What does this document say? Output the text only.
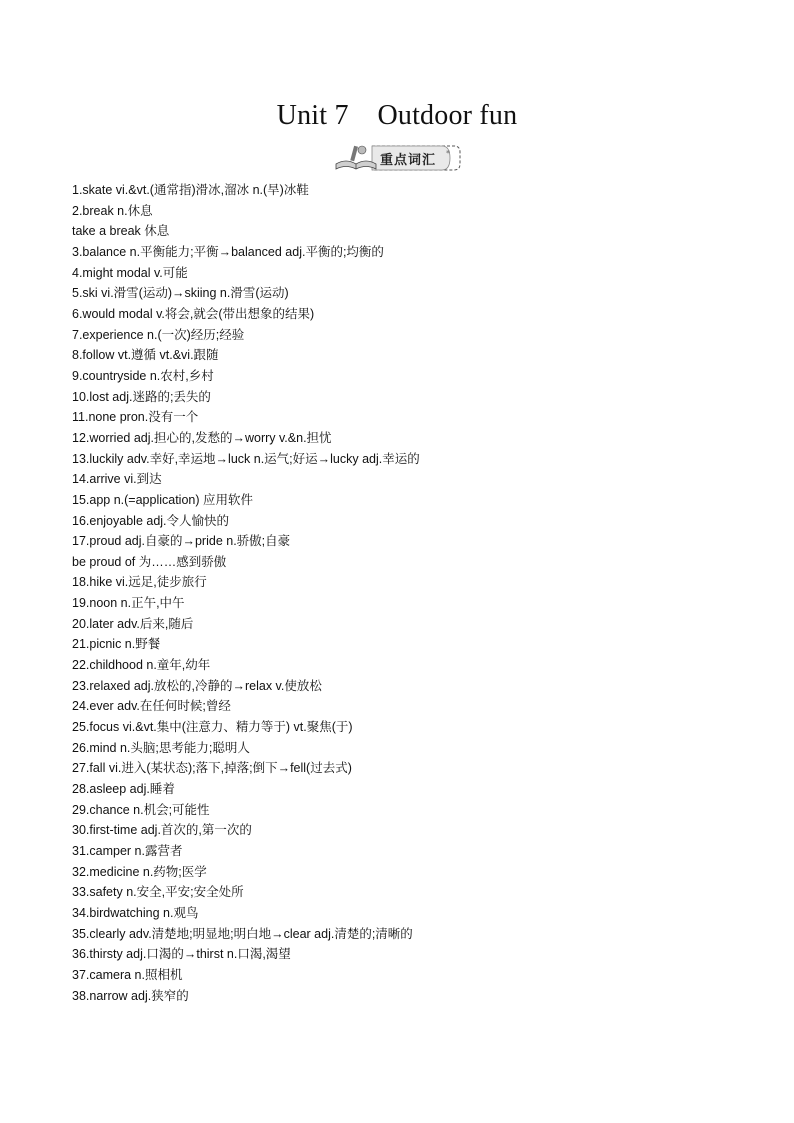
Unit 7    Outdoor fun
*
重点词汇
1.skate vi.&vt.(通常指)滑冰,溜冰 n.(旱)冰鞋
2.break n.休息
take a break 休息
3.balance n.平衡能力;平衡→balanced adj.平衡的;均衡的
4.might modal v.可能
5.ski vi.滑雪(运动)→skiing n.滑雪(运动)
6.would modal v.将会,就会(带出想象的结果)
7.experience n.(一次)经历;经验
8.follow vt.遵循 vt.&vi.跟随
9.countryside n.农村,乡村
10.lost adj.迷路的;丢失的
11.none pron.没有一个
12.worried adj.担心的,发愁的→worry v.&n.担忧
13.luckily adv.幸好,幸运地→luck n.运气;好运→lucky adj.幸运的
14.arrive vi.到达
15.app n.(=application) 应用软件
16.enjoyable adj.令人愉快的
17.proud adj.自豪的→pride n.骄傲;自豪
be proud of 为……感到骄傲
18.hike vi.远足,徒步旅行
19.noon n.正午,中午
20.later adv.后来,随后
21.picnic n.野餐
22.childhood n.童年,幼年
23.relaxed adj.放松的,冷静的→relax v.使放松
24.ever adv.在任何时候;曾经
25.focus vi.&vt.集中(注意力、精力等于) vt.聚焦(于)
26.mind n.头脑;思考能力;聪明人
27.fall vi.进入(某状态);落下,掉落;倒下→fell(过去式)
28.asleep adj.睡着
29.chance n.机会;可能性
30.first-time adj.首次的,第一次的
31.camper n.露营者
32.medicine n.药物;医学
33.safety n.安全,平安;安全处所
34.birdwatching n.观鸟
35.clearly adv.清楚地;明显地;明白地→clear adj.清楚的;清晰的
36.thirsty adj.口渴的→thirst n.口渴,渴望
37.camera n.照相机
38.narrow adj.狭窄的
